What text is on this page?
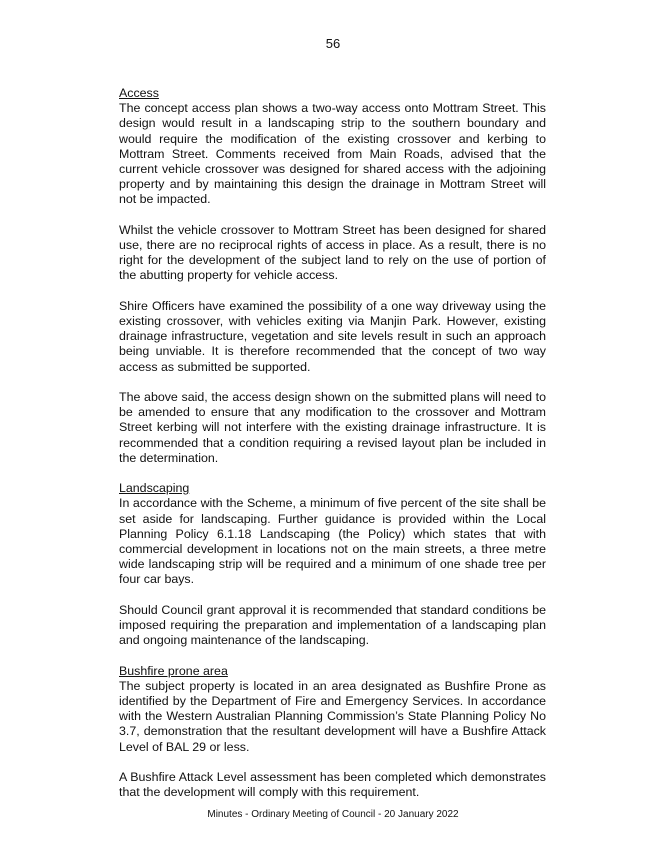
56
Access

The concept access plan shows a two-way access onto Mottram Street. This design would result in a landscaping strip to the southern boundary and would require the modification of the existing crossover and kerbing to Mottram Street. Comments received from Main Roads, advised that the current vehicle crossover was designed for shared access with the adjoining property and by maintaining this design the drainage in Mottram Street will not be impacted.

Whilst the vehicle crossover to Mottram Street has been designed for shared use, there are no reciprocal rights of access in place. As a result, there is no right for the development of the subject land to rely on the use of portion of the abutting property for vehicle access.

Shire Officers have examined the possibility of a one way driveway using the existing crossover, with vehicles exiting via Manjin Park. However, existing drainage infrastructure, vegetation and site levels result in such an approach being unviable. It is therefore recommended that the concept of two way access as submitted be supported.

The above said, the access design shown on the submitted plans will need to be amended to ensure that any modification to the crossover and Mottram Street kerbing will not interfere with the existing drainage infrastructure. It is recommended that a condition requiring a revised layout plan be included in the determination.

Landscaping

In accordance with the Scheme, a minimum of five percent of the site shall be set aside for landscaping. Further guidance is provided within the Local Planning Policy 6.1.18 Landscaping (the Policy) which states that with commercial development in locations not on the main streets, a three metre wide landscaping strip will be required and a minimum of one shade tree per four car bays.

Should Council grant approval it is recommended that standard conditions be imposed requiring the preparation and implementation of a landscaping plan and ongoing maintenance of the landscaping.

Bushfire prone area

The subject property is located in an area designated as Bushfire Prone as identified by the Department of Fire and Emergency Services. In accordance with the Western Australian Planning Commission’s State Planning Policy No 3.7, demonstration that the resultant development will have a Bushfire Attack Level of BAL 29 or less.

A Bushfire Attack Level assessment has been completed which demonstrates that the development will comply with this requirement.

Minutes - Ordinary Meeting of Council - 20 January 2022
